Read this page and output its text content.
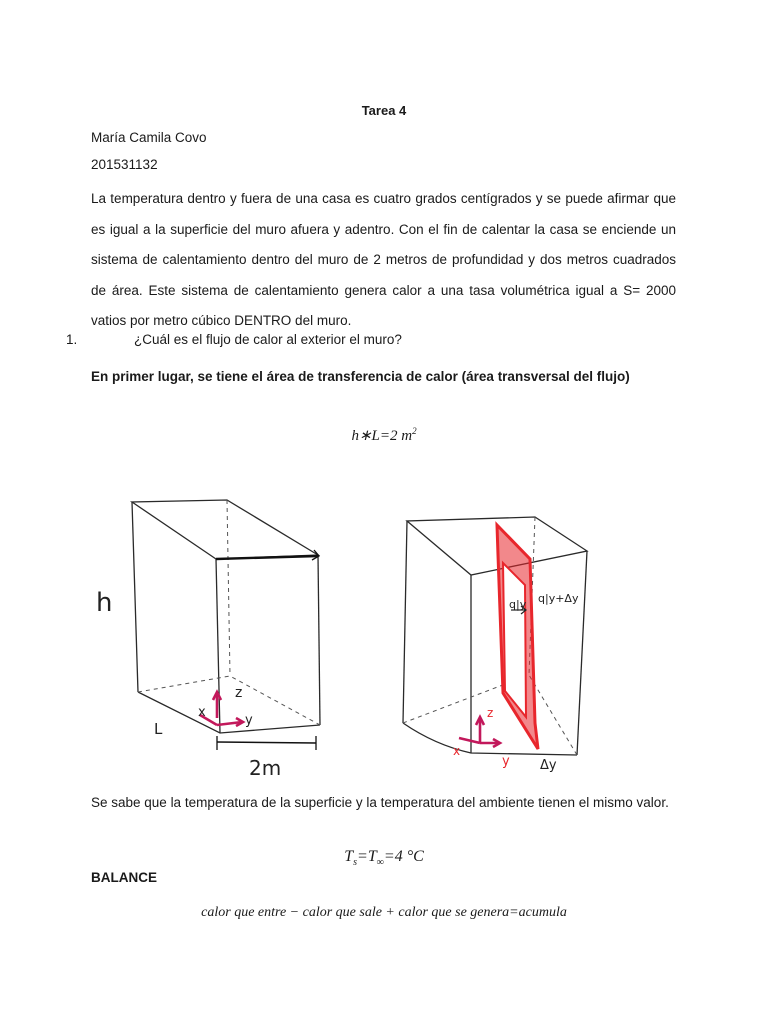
Tarea 4
María Camila Covo
201531132
La temperatura dentro y fuera de una casa es cuatro grados centígrados y se puede afirmar que es igual a la superficie del muro afuera y adentro. Con el fin de calentar la casa se enciende un sistema de calentamiento dentro del muro de 2 metros de profundidad y dos metros cuadrados de área. Este sistema de calentamiento genera calor a una tasa volumétrica igual a S= 2000 vatios por metro cúbico DENTRO del muro.
1.	¿Cuál es el flujo de calor al exterior el muro?
En primer lugar, se tiene el área de transferencia de calor (área transversal del flujo)
h∗L=2 $m^2$
h
L
x
y
z
2m
q|y q|y+Δy
x
y
z
Δy
Se sabe que la temperatura de la superficie y la temperatura del ambiente tienen el mismo valor.
$T_s=T_\infty=4$ °C
BALANCE
calor que entre − calor que sale + calor que se genera=acumula
